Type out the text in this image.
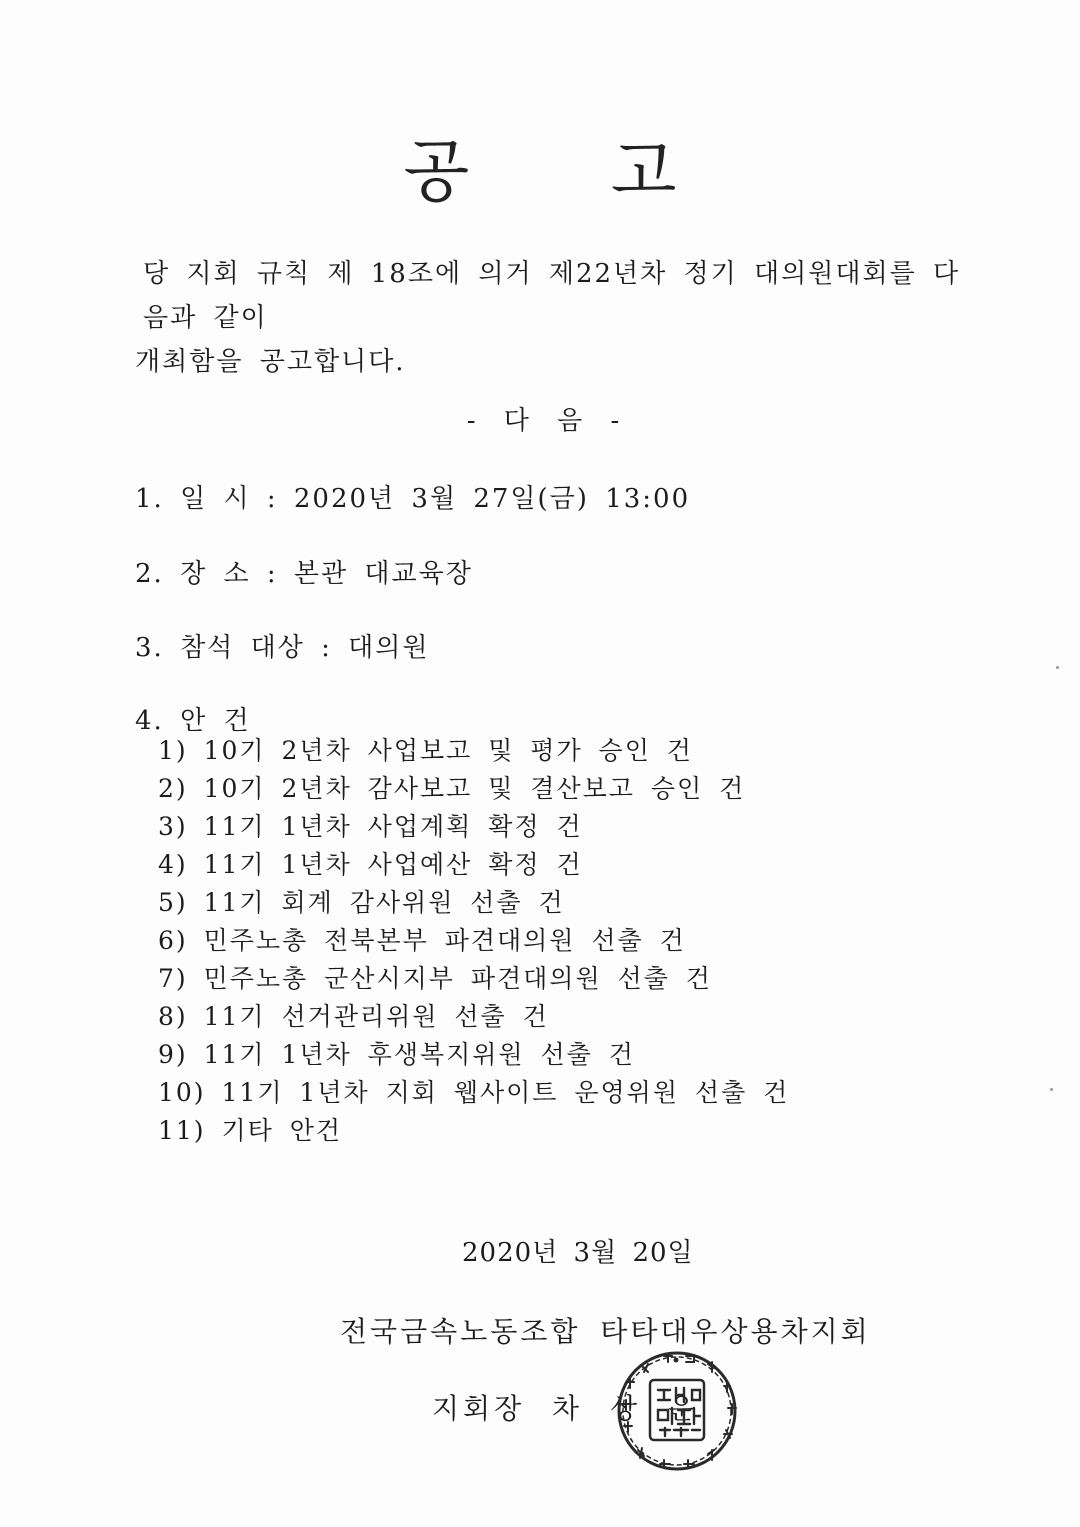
공 고
당 지회 규칙 제 18조에 의거 제22년차 정기 대의원대회를 다음과 같이
개최함을 공고합니다.
- 다 음 -
1. 일 시 : 2020년 3월 27일(금) 13:00
2. 장 소 : 본관 대교육장
3. 참석 대상 : 대의원
4. 안 건
1) 10기 2년차 사업보고 및 평가 승인 건
2) 10기 2년차 감사보고 및 결산보고 승인 건
3) 11기 1년차 사업계획 확정 건
4) 11기 1년차 사업예산 확정 건
5) 11기 회계 감사위원 선출 건
6) 민주노총 전북본부 파견대의원 선출 건
7) 민주노총 군산시지부 파견대의원 선출 건
8) 11기 선거관리위원 선출 건
9) 11기 1년차 후생복지위원 선출 건
10) 11기 1년차 지회 웹사이트 운영위원 선출 건
11) 기타 안건
2020년 3월 20일
전국금속노동조합 타타대우상용차지회
지회장 차 상 운
